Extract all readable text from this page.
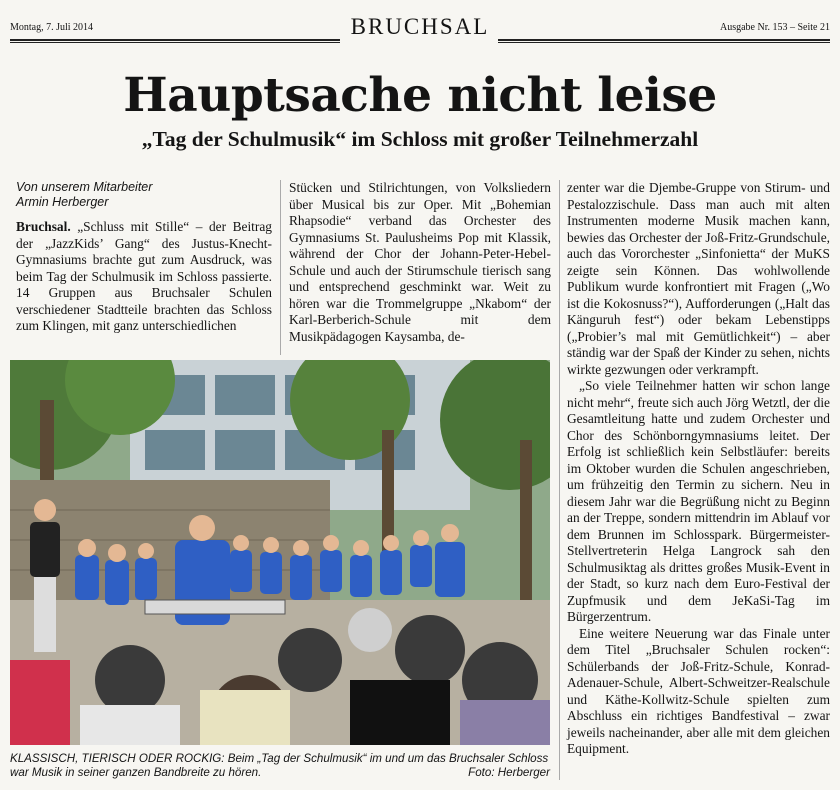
Montag, 7. Juli 2014	BRUCHSAL	Ausgabe Nr. 153 – Seite 21
Hauptsache nicht leise
„Tag der Schulmusik“ im Schloss mit großer Teilnehmerzahl

Von unserem Mitarbeiter
Armin Herberger

Bruchsal. „Schluss mit Stille“ – der Beitrag der „JazzKids’ Gang“ des Justus-Knecht-Gymnasiums brachte gut zum Ausdruck, was beim Tag der Schulmusik im Schloss passierte. 14 Gruppen aus Bruchsaler Schulen verschiedener Stadtteile brachten das Schloss zum Klingen, mit ganz unterschiedlichen

Stücken und Stilrichtungen, von Volksliedern über Musical bis zur Oper. Mit „Bohemian Rhapsodie“ verband das Orchester des Gymnasiums St. Paulusheims Pop mit Klassik, während der Chor der Johann-Peter-Hebel-Schule und auch der Stirumschule tierisch sang und entsprechend geschminkt war. Weit zu hören war die Trommelgruppe „Nkabom“ der Karl-Berberich-Schule mit dem Musikpädagogen Kaysamba, de-

zenter war die Djembe-Gruppe von Stirum- und Pestalozzischule. Dass man auch mit alten Instrumenten moderne Musik machen kann, bewies das Orchester der Joß-Fritz-Grundschule, auch das Vororchester „Sinfonietta“ der MuKS zeigte sein Können. Das wohlwollende Publikum wurde konfrontiert mit Fragen („Wo ist die Kokosnuss?“), Aufforderungen („Halt das Känguruh fest“) oder bekam Lebenstipps („Probier’s mal mit Gemütlichkeit“) – aber ständig war der Spaß der Kinder zu sehen, nichts wirkte gezwungen oder verkrampft.

„So viele Teilnehmer hatten wir schon lange nicht mehr“, freute sich auch Jörg Wetztl, der die Gesamtleitung hatte und zudem Orchester und Chor des Schönborngymnasiums leitet. Der Erfolg ist schließlich kein Selbstläufer: bereits im Oktober wurden die Schulen angeschrieben, um frühzeitig den Termin zu sichern. Neu in diesem Jahr war die Begrüßung nicht zu Beginn an der Treppe, sondern mittendrin im Ablauf vor dem Brunnen im Schlosspark. Bürgermeister-Stellvertreterin Helga Langrock sah den Schulmusiktag als drittes großes Musik-Event in der Stadt, so kurz nach dem Euro-Festival der Zupfmusik und dem JeKaSi-Tag im Bürgerzentrum.

Eine weitere Neuerung war das Finale unter dem Titel „Bruchsaler Schulen rocken“: Schülerbands der Joß-Fritz-Schule, Konrad-Adenauer-Schule, Albert-Schweitzer-Realschule und Käthe-Kollwitz-Schule spielten zum Abschluss ein richtiges Bandfestival – zwar jeweils nacheinander, aber alle mit dem gleichen Equipment.

KLASSISCH, TIERISCH ODER ROCKIG: Beim „Tag der Schulmusik“ im und um das Bruchsaler Schloss war Musik in seiner ganzen Bandbreite zu hören.	Foto: Herberger
